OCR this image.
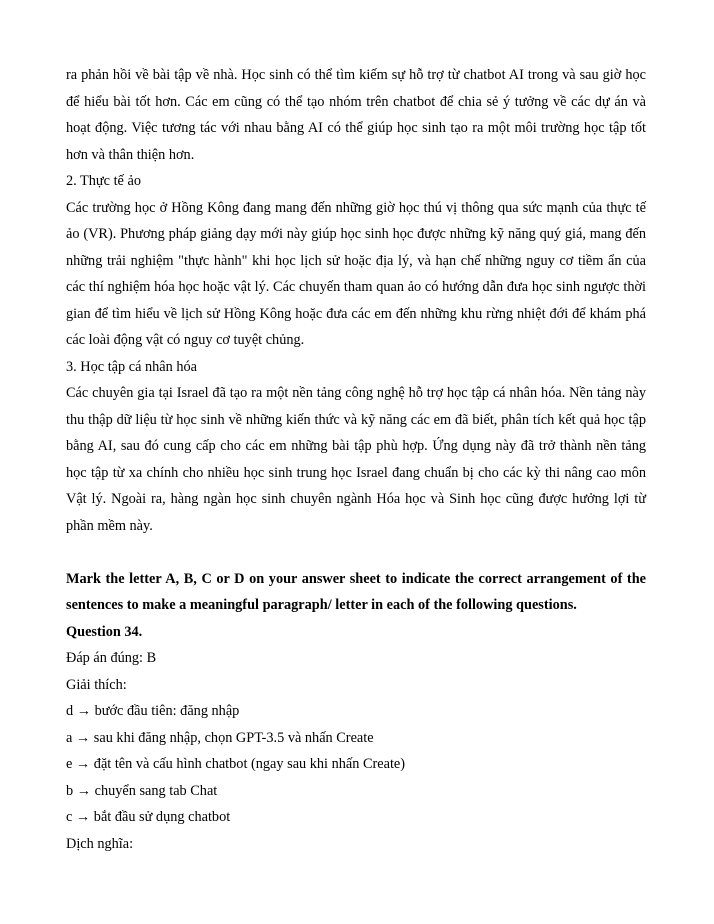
ra phản hồi về bài tập về nhà. Học sinh có thể tìm kiếm sự hỗ trợ từ chatbot AI trong và sau giờ học để hiểu bài tốt hơn. Các em cũng có thể tạo nhóm trên chatbot để chia sẻ ý tưởng về các dự án và hoạt động. Việc tương tác với nhau bằng AI có thể giúp học sinh tạo ra một môi trường học tập tốt hơn và thân thiện hơn.

2. Thực tế ảo

Các trường học ở Hồng Kông đang mang đến những giờ học thú vị thông qua sức mạnh của thực tế ảo (VR). Phương pháp giảng dạy mới này giúp học sinh học được những kỹ năng quý giá, mang đến những trải nghiệm "thực hành" khi học lịch sử hoặc địa lý, và hạn chế những nguy cơ tiềm ẩn của các thí nghiệm hóa học hoặc vật lý. Các chuyến tham quan ảo có hướng dẫn đưa học sinh ngược thời gian để tìm hiểu về lịch sử Hồng Kông hoặc đưa các em đến những khu rừng nhiệt đới để khám phá các loài động vật có nguy cơ tuyệt chủng.

3. Học tập cá nhân hóa

Các chuyên gia tại Israel đã tạo ra một nền tảng công nghệ hỗ trợ học tập cá nhân hóa. Nền tảng này thu thập dữ liệu từ học sinh về những kiến thức và kỹ năng các em đã biết, phân tích kết quả học tập bằng AI, sau đó cung cấp cho các em những bài tập phù hợp. Ứng dụng này đã trở thành nền tảng học tập từ xa chính cho nhiều học sinh trung học Israel đang chuẩn bị cho các kỳ thi nâng cao môn Vật lý. Ngoài ra, hàng ngàn học sinh chuyên ngành Hóa học và Sinh học cũng được hưởng lợi từ phần mềm này.

Mark the letter A, B, C or D on your answer sheet to indicate the correct arrangement of the sentences to make a meaningful paragraph/ letter in each of the following questions.

Question 34.

Đáp án đúng: B

Giải thích:

d → bước đầu tiên: đăng nhập

a → sau khi đăng nhập, chọn GPT-3.5 và nhấn Create

e → đặt tên và cấu hình chatbot (ngay sau khi nhấn Create)

b → chuyển sang tab Chat

c → bắt đầu sử dụng chatbot

Dịch nghĩa:
